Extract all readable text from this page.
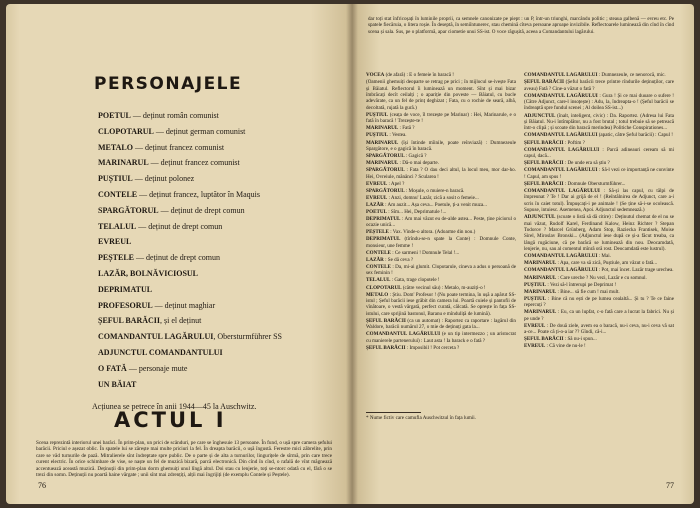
PERSONAJELE
POETUL — deținut român comunist
CLOPOTARUL — deținut german comunist
METALO — deținut francez comunist
MARINARUL — deținut francez comunist
PUȘTIUL — deținut polonez
CONTELE — deținut francez, luptător în Maquis
SPARGĂTORUL — deținut de drept comun
TELALUL — deținut de drept comun
EVREUL
PEȘTELE — deținut de drept comun
LAZĂR, BOLNĂVICIOSUL
DEPRIMATUL
PROFESORUL — deținut maghiar
ȘEFUL BARĂCII, și el deținut
COMANDANTUL LAGĂRULUI, Obersturmführer SS
ADJUNCTUL COMANDANTULUI
O FATĂ — personaje mute
UN BĂIAT
Acțiunea se petrece în anii 1944—45 la Auschwitz.
ACTUL I

Scena reprezintă interiorul unei barăci. În prim-plan, un prici de scânduri, pe care se înghesuie 13 persoane. În fund, o ușă spre camera șefului barăcii. Priciul e așezat oblic. În spatele lui se zărește mai multe priciuri la fel. În dreapta barăcii, o ușă îngustă. Ferestre mici zăbrelite, prin care se văd turnurile de pază. Mitralierele sînt îndreptate spre public. De o parte și de alta a turnurilor, lingurițele de sîrmă, prin care trece curent electric. În orice schimbare de vise, se naște un fel de muzică bizară, parcă electronică. Din cînd în cînd, o rafală de vînt măgnează accentuează această muzică. Deținuții din prim-plan dorm ghemuiți unul lîngă altul. Doi stau cu lenjerie, toți se-ntorc odată cu el, fără o se trezi din somn. Deținuții nu poartă haine vărgate ; unii sînt mai zdrențiți, alții mai îngrijiți (de exemplu Contele și Peștele).

76

dar toți stat înfricoșați în luminile proprii, ca semnele canonizate pe piept : un P, într-un triunghi, marcându politic ; steaua galbenă — evreu etc. Pe spatele fiecăruia, o litera roșie. În deseptă, în semiîntunerec, stau chemină cîteva persoane aproape invizibile. Reflectoarele luminează din cînd în cînd scena și sala. Sus, pe o platformă, apar ciometie unui SS-ist. O voce răgușită, aceea a Comandantului lagărului.

VOCEA (de afară) : E o femeie în baracă !

(Oamenii ghemuiți deoparte se retrag pe prici ; în mijlocul se-ivește Fata și Băiatul. Reflectorul îi luminează un moment. Sînt și mai bizar îmbrăcați decît ceilalți ; o aparițíe din poveste — Băiatul, cu bucle adevărate, ca un fel de prinț deghizat ; Fata, cu o rochie de seară, albă, decoltată, rujată la gură.)

PUȘTIUL (ceața de voce, îl trezește pe Marinar) : Hei, Marinarule, e o fată în baracă ! Trezește-te !

MARINARUL : Fată ?

PUȘTIUL : Vestea.

MARINARUL (își întinde mîinile, poate reînviază) : Dumnezeule Spargătore, e o gagică în baracă.

SPARGĂTORUL : Gagică ?

MARINARUL : Dă-o mai departe.

SPARGĂTORUL : Fata ? O dau deci altul, la locul meu, mor dar-ho. Hei, Ovreiule, mănânci ? Scularea !

EVREUL : Apel ?

SPARGĂTORUL : Moșule, o muiere-n baracă.

EVREUL : Anzi, domnu' Lazăr, zică a sosit o femeie...

LAZĂR : Am auzit... Așa ceva... Poetule, ți-a venit muza...

POETUL : Sîm... Hei, Deprimatule !...

DEPRIMATUL : Am mai văzut eu de-alde astea... Peste, ține piciorul o ocazie unică...

PEȘTELE : Vax. Vinde-o altora. (Adoarme din nou.)

DEPRIMATUL (tîrîndu-se-n spate la Conte) : Domnule Conte, monsieur, une femme !

CONTELE : Ce sarmeni ! Domnule Telal !...

LAZĂR : Se dă ceva ?

CONTELE : Da, mi-ai glumit. Clopotarule, cineva a adus o persoană de sex feminin !

TELALUL : Gata, trage clopotele !

CLOPOTARUL (către vecinul său) : Metalo, m-auziți-o !

METALO : Știu. Dom' Profesor ! (Nu poate termina, în ușă a apărut SS-istul ; Șeful barăcii iese grăbit din camera lui. Poartă cuiele și pantofii de vînătoare, o vestă vărgată, perfect curată, călcată. Se oprește în fața SS-istului, care sprijină bastonul, Baranu e mînduliță de lumină).

ȘEFUL BARĂCII (ca un automat) : Raportez ca raportare : lagărul din Waldore, barăcii numărul 27, o mie de deținuți gata la...

COMANDANTUL LAGĂRULUI (e un tip intermezzo ; un aristocrat cu manierele partenerului) : Laut asta ! Ia barack e o fată ?

ȘEFUL BARĂCII : Imposibil ! Pot cerceta ?

COMANDANTUL LAGĂRULUI : Dumnezeule, ce nenorocă, mic.

ȘEFUL BARĂCII (Șeful barăcii trece printre rîndurile deținuților, care aveau) Fată ? Cine-a văzut o fată ?

COMANDANTUL LAGĂRULUI : Gura ! Și ce mai duoare o sufere ! (Către Adjunct, care-l insoțește) : Adu, la, îndreapta-o ! (Șeful barăcii se îndreaptă spre fundul scenei ; Al doilea SS-ist...)

ADJUNCTUL (înalt, inteligent, civic) : Da. Raportez. (Adresa lui Fata și Băiatul. Nu-i întîmplător, nu a fost brutal ; totul trebuie să se petreacă într-o clipă ; și scoate din baracă merindea) Politiche Conspirationes...

COMANDANTUL LAGĂRULUI (apatic, către Șeful barăcii) : Capul !

ȘEFUL BARĂCII : Poftim ?

COMANDANTUL LAGĂRULUI : Parcă adineauri ceream să mi capul, dacă...

ȘEFUL BARĂCII : De unde era să știu ?

COMANDANTUL LAGĂRULUI : Să-l vezi ce importanță ne convinte ! Capul, am spus !

ȘEFUL BARĂCII : Domnule Obersturmführer...

COMANDANTUL LAGĂRULUI : Să-și las capul, cu tălpi de împreunat ? Te ! Dar ai grijă de el ! (Reîntâlnirea de Adjunct, care a-i scris în caiet totul). Împușcați-i pe animale ! (Se ține să-i-se ocolească. Supuse, intuiesc. Asemenea, Apoi. Adjunctul sedemnează.)

ADJUNCTUL (scoate o listă să dă citire) : Deținutul chemat de el nu se mai văzut, Rudolf Karel, Ferdinand Kalow, Heinz Richter ? Stepan Todorov ? Marcel Grünberg, Adam Stop, Raziecka Frantisek, Moise Sirel, Miroslav Bronski... (Adjunctul iese după ce și-a făcut treaba, ca lângă rugăciune, că pe barăcă se luminează din nou. Deocamdată, lenjerie, nu, sau al comentul mînră oră rost. Deocamdată este lustrul).

COMANDANTUL LAGĂRULUI : Mai.

MARINARUL : Apa, care va să zică, Puștiule, am văzut o fată...

COMANDANTUL LAGĂRULUI : Pot, mai încet. Lazăr trage urechea.

MARINARUL : Care ureche ? Nu vezi, Lazăr e cu somnul.

PUȘTIUL : Vezi să-l întrerupi pe Deprimat !

MARINARUL : Bine... să fie cum ! mai mult.

PUȘTIUL : Bine că nu ești de pe lumea cealaltă... Și tu ? Te ce faine repercuți ?

MARINARUL : Eu, ca un lupfat, c-o fată care a lucrat la fabrici. Nu și pe unde ?

EVREUL : De două ziele, avem ea o baracă, nu-i ceva, nu-i ceva vă sat a-ce... Poate că ți-o-a iar ?? Gîndi, că-i...

ȘEFUL BARĂCII : Să nu-i spun...

EVREUL : Că vine de nu-le !

* Nume fictiv care camufla Auschwitzul în fața lumii.

77
